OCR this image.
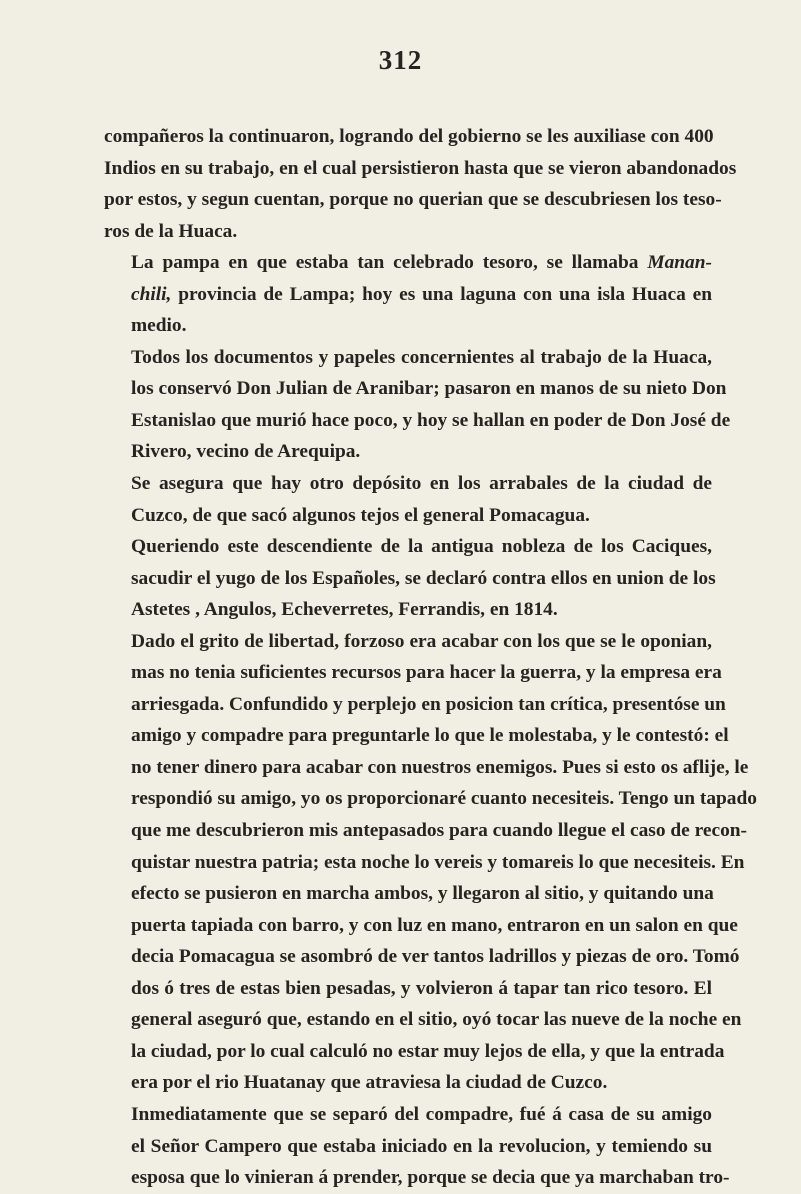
312
compañeros la continuaron, logrando del gobierno se les auxiliase con 400
Indios en su trabajo, en el cual persistieron hasta que se vieron abandonados
por estos, y segun cuentan, porque no querian que se descubriesen los teso-
ros de la Huaca.
La pampa en que estaba tan celebrado tesoro, se llamaba Manan-
chili, provincia de Lampa; hoy es una laguna con una isla Huaca en
medio.
Todos los documentos y papeles concernientes al trabajo de la Huaca,
los conservó Don Julian de Aranibar; pasaron en manos de su nieto Don
Estanislao que murió hace poco, y hoy se hallan en poder de Don José de
Rivero, vecino de Arequipa.
Se asegura que hay otro depósito en los arrabales de la ciudad de
Cuzco, de que sacó algunos tejos el general Pomacagua.
Queriendo este descendiente de la antigua nobleza de los Caciques,
sacudir el yugo de los Españoles, se declaró contra ellos en union de los
Astetes , Angulos, Echeverretes, Ferrandis, en 1814.
Dado el grito de libertad, forzoso era acabar con los que se le oponian,
mas no tenia suficientes recursos para hacer la guerra, y la empresa era
arriesgada. Confundido y perplejo en posicion tan crítica, presentóse un
amigo y compadre para preguntarle lo que le molestaba, y le contestó: el
no tener dinero para acabar con nuestros enemigos. Pues si esto os aflije, le
respondió su amigo, yo os proporcionaré cuanto necesiteis. Tengo un tapado
que me descubrieron mis antepasados para cuando llegue el caso de recon-
quistar nuestra patria; esta noche lo vereis y tomareis lo que necesiteis. En
efecto se pusieron en marcha ambos, y llegaron al sitio, y quitando una
puerta tapiada con barro, y con luz en mano, entraron en un salon en que
decia Pomacagua se asombró de ver tantos ladrillos y piezas de oro. Tomó
dos ó tres de estas bien pesadas, y volvieron á tapar tan rico tesoro. El
general aseguró que, estando en el sitio, oyó tocar las nueve de la noche en
la ciudad, por lo cual calculó no estar muy lejos de ella, y que la entrada
era por el rio Huatanay que atraviesa la ciudad de Cuzco.
Inmediatamente que se separó del compadre, fué á casa de su amigo
el Señor Campero que estaba iniciado en la revolucion, y temiendo su
esposa que lo vinieran á prender, porque se decia que ya marchaban tro-
